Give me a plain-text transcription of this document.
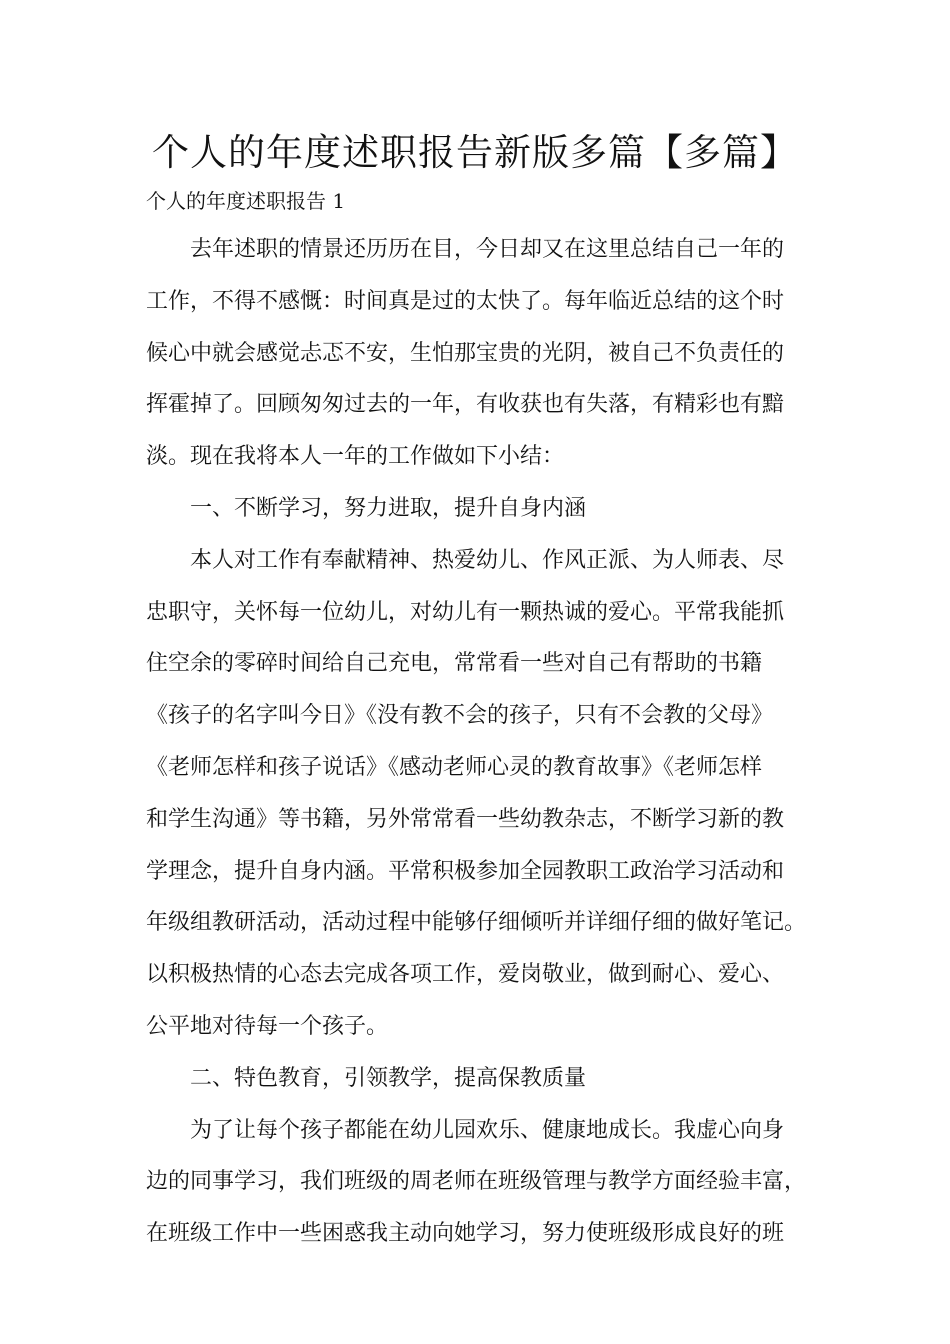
个人的年度述职报告新版多篇【多篇】

个人的年度述职报告 1

去年述职的情景还历历在目，今日却又在这里总结自己一年的
工作，不得不感慨：时间真是过的太快了。每年临近总结的这个时
候心中就会感觉忐忑不安，生怕那宝贵的光阴，被自己不负责任的
挥霍掉了。回顾匆匆过去的一年，有收获也有失落，有精彩也有黯
淡。现在我将本人一年的工作做如下小结：
一、不断学习，努力进取，提升自身内涵
本人对工作有奉献精神、热爱幼儿、作风正派、为人师表、尽
忠职守，关怀每一位幼儿，对幼儿有一颗热诚的爱心。平常我能抓
住空余的零碎时间给自己充电，常常看一些对自己有帮助的书籍
《孩子的名字叫今日》《没有教不会的孩子，只有不会教的父母》
《老师怎样和孩子说话》《感动老师心灵的教育故事》《老师怎样
和学生沟通》等书籍，另外常常看一些幼教杂志，不断学习新的教
学理念，提升自身内涵。平常积极参加全园教职工政治学习活动和
年级组教研活动，活动过程中能够仔细倾听并详细仔细的做好笔记。
以积极热情的心态去完成各项工作，爱岗敬业，做到耐心、爱心、
公平地对待每一个孩子。
二、特色教育，引领教学，提高保教质量
为了让每个孩子都能在幼儿园欢乐、健康地成长。我虚心向身
边的同事学习，我们班级的周老师在班级管理与教学方面经验丰富，
在班级工作中一些困惑我主动向她学习，努力使班级形成良好的班
